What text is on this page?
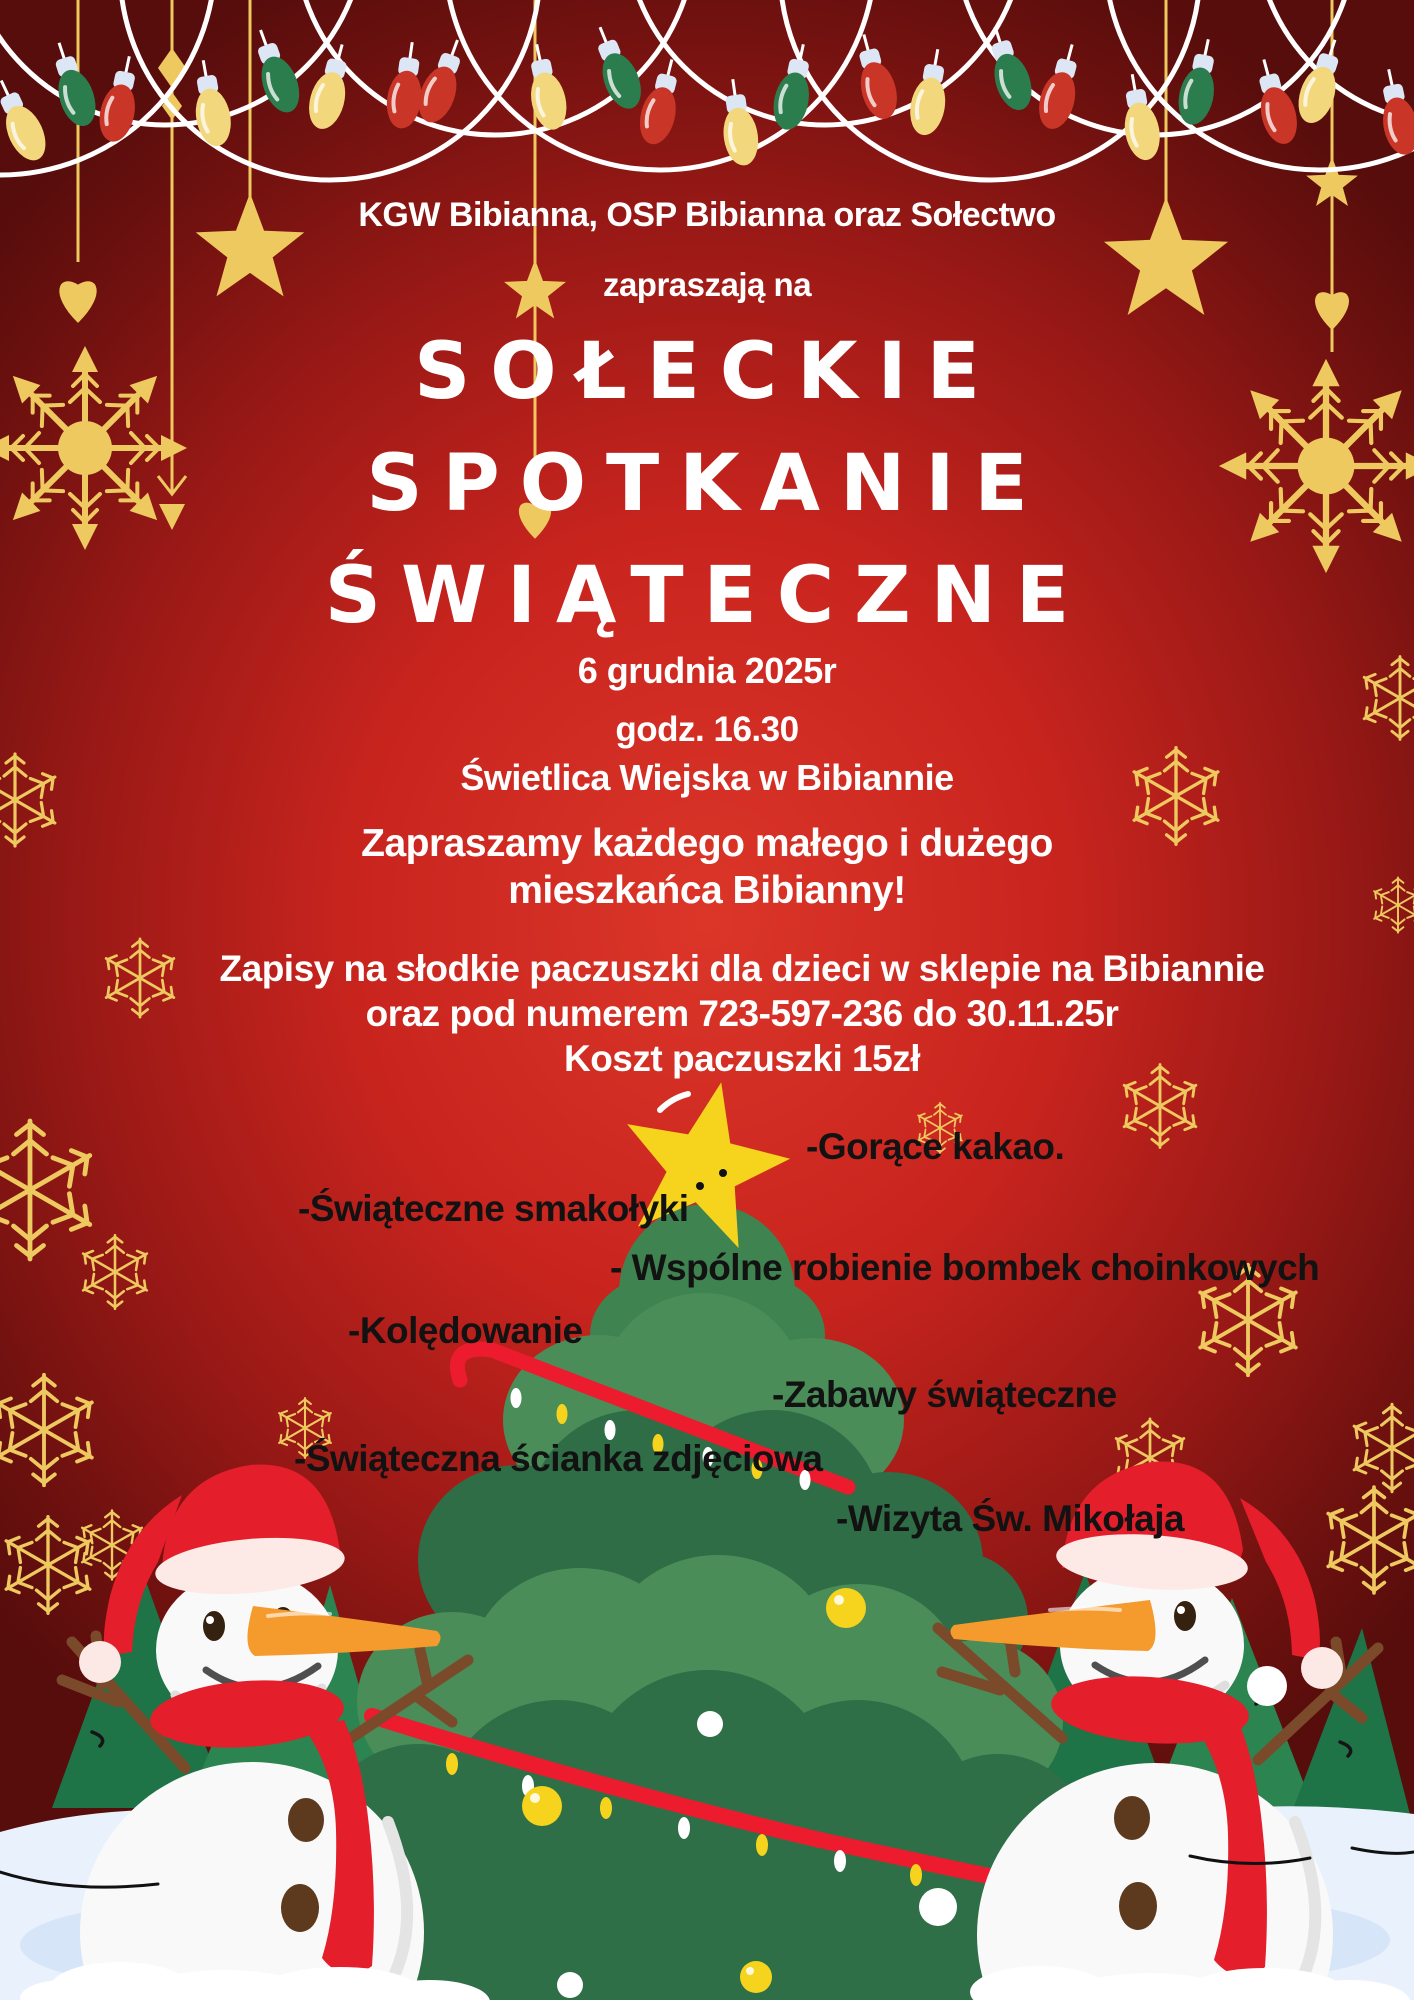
KGW Bibianna, OSP Bibianna oraz Sołectwo
zapraszają na
SOŁECKIE
SPOTKANIE
ŚWIĄTECZNE
6 grudnia 2025r
godz. 16.30
Świetlica Wiejska w Bibiannie
Zapraszamy każdego małego i dużego
mieszkańca Bibianny!
Zapisy na słodkie paczuszki dla dzieci w sklepie na Bibiannie
oraz pod numerem 723-597-236 do 30.11.25r
Koszt paczuszki 15zł
-Gorące kakao.
-Świąteczne smakołyki
- Wspólne robienie bombek choinkowych
-Kolędowanie
-Zabawy świąteczne
-Świąteczna ścianka zdjęciowa
-Wizyta Św. Mikołaja
